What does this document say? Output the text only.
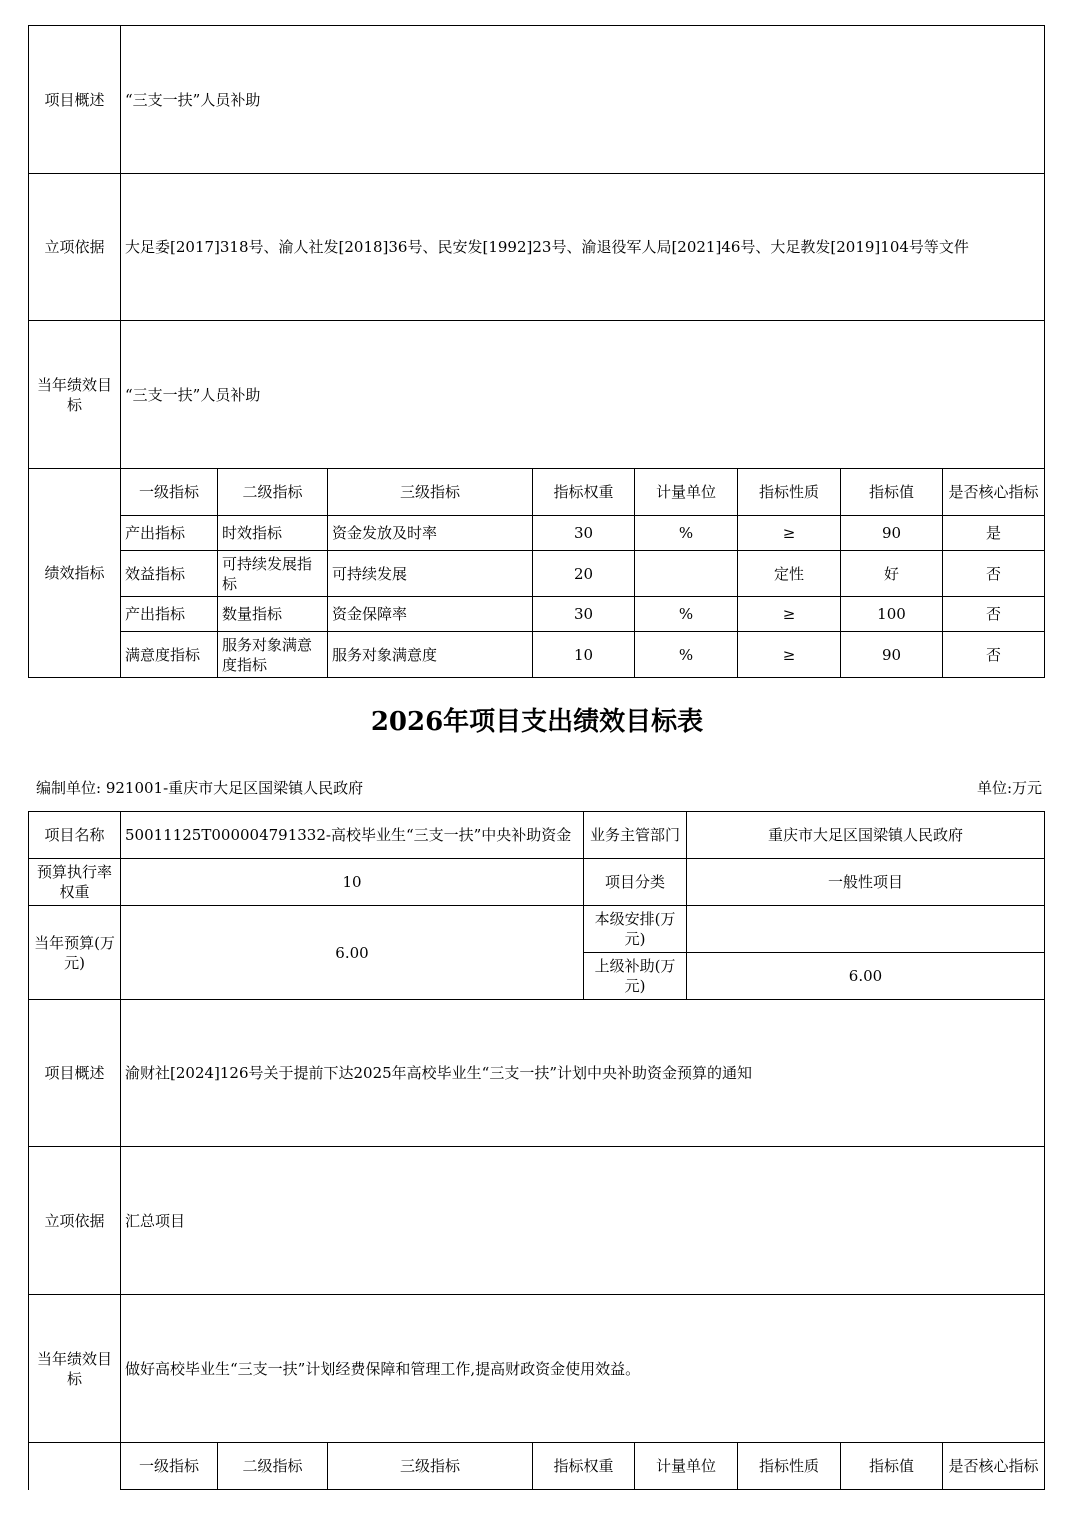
项目概述	“三支一扶”人员补助							
立项依据	大足委[2017]318号、渝人社发[2018]36号、民安发[1992]23号、渝退役军人局[2021]46号、大足教发[2019]104号等文件							
当年绩效目标	“三支一扶”人员补助							
绩效指标	一级指标	二级指标	三级指标	指标权重	计量单位	指标性质	指标值	是否核心指标
	产出指标	时效指标	资金发放及时率	30	%	≥	90	是
	效益指标	可持续发展指标	可持续发展	20		定性	好	否
	产出指标	数量指标	资金保障率	30	%	≥	100	否
	满意度指标	服务对象满意度指标	服务对象满意度	10	%	≥	90	否
2026年项目支出绩效目标表
编制单位: 921001-重庆市大足区国梁镇人民政府	单位:万元
项目名称	50011125T000004791332-高校毕业生“三支一扶”中央补助资金	业务主管部门	重庆市大足区国梁镇人民政府
预算执行率权重	10	项目分类	一般性项目
当年预算(万元)	6.00	本级安排(万元)	
		上级补助(万元)	6.00
项目概述	渝财社[2024]126号关于提前下达2025年高校毕业生“三支一扶”计划中央补助资金预算的通知		
立项依据	汇总项目		
当年绩效目标	做好高校毕业生“三支一扶”计划经费保障和管理工作,提高财政资金使用效益。		
	一级指标	二级指标	三级指标	指标权重	计量单位	指标性质	指标值	是否核心指标
